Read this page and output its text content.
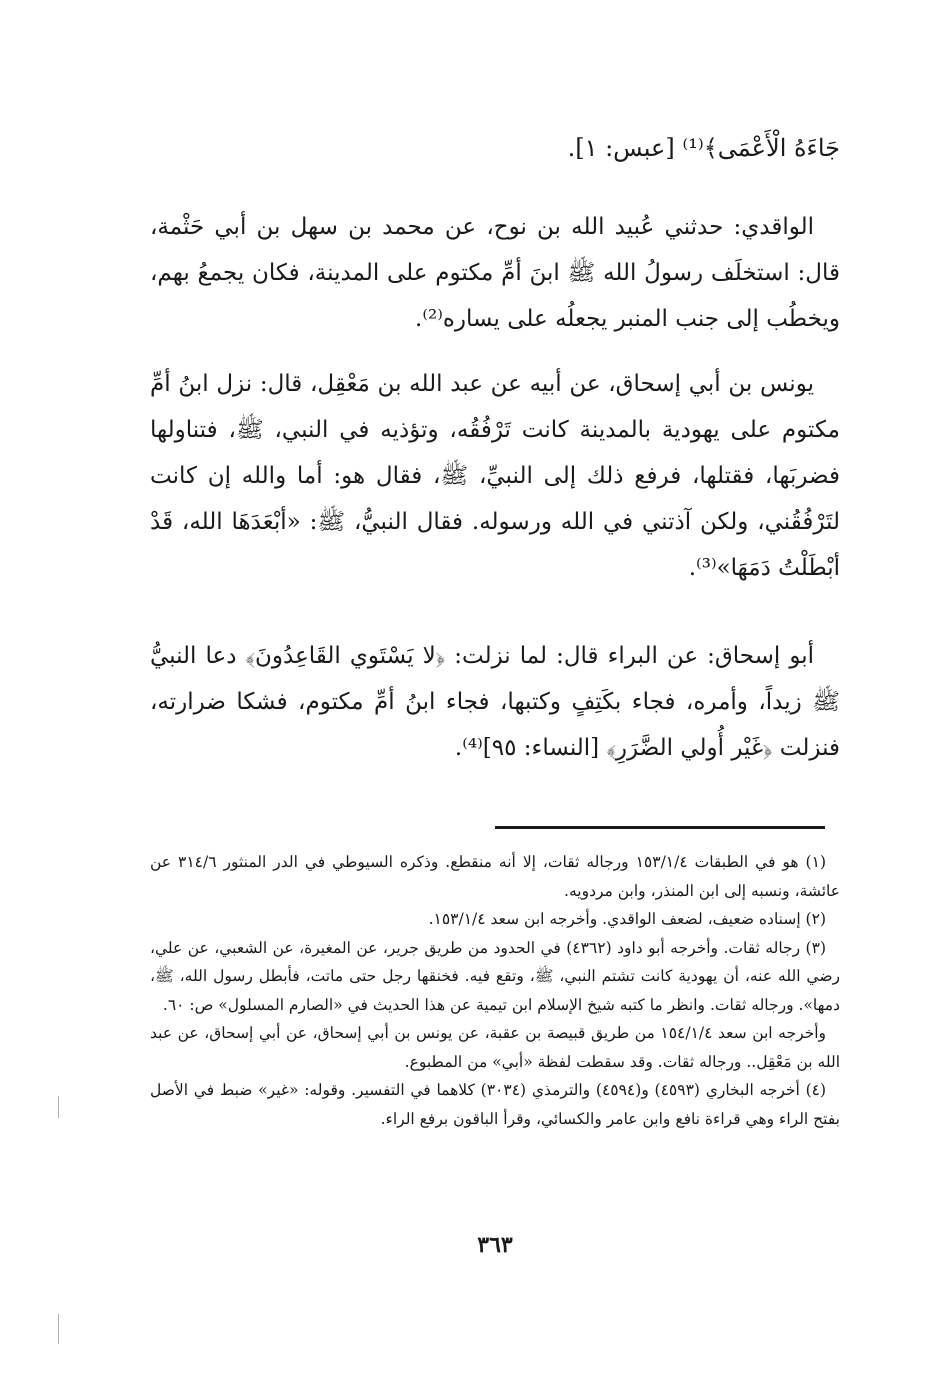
جَاءَهُ الْأَعْمَى﴾⁽¹⁾ [عبس: ١].

الواقدي: حدثني عُبيد الله بن نوح، عن محمد بن سهل بن أبي حَثْمة، قال: استخلَف رسولُ الله ﷺ ابنَ أمِّ مكتوم على المدينة، فكان يجمعُ بهم، ويخطُب إلى جنب المنبر يجعلُه على يساره⁽²⁾.

يونس بن أبي إسحاق، عن أبيه عن عبد الله بن مَعْقِل، قال: نزل ابنُ أمِّ مكتوم على يهودية بالمدينة كانت تَرْفُقُه، وتؤذيه في النبي، ﷺ، فتناولها فضربَها، فقتلها، فرفع ذلك إلى النبيِّ، ﷺ، فقال هو: أما والله إن كانت لتَرْفُقُني، ولكن آذتني في الله ورسوله. فقال النبيُّ، ﷺ: «أبْعَدَهَا الله، قَدْ أبْطَلْتُ دَمَهَا»⁽³⁾.

أبو إسحاق: عن البراء قال: لما نزلت: ﴿لا يَسْتَوي القَاعِدُونَ﴾ دعا النبيُّ ﷺ زيداً، وأمره، فجاء بكَتِفٍ وكتبها، فجاء ابنُ أمِّ مكتوم، فشكا ضرارته، فنزلت ﴿غَيْر أُولي الضَّرَرِ﴾ [النساء: ٩٥]⁽⁴⁾.

(١) هو في الطبقات ١٥٣/١/٤ ورجاله ثقات، إلا أنه منقطع. وذكره السيوطي في الدر المنثور ٣١٤/٦ عن عائشة، ونسبه إلى ابن المنذر، وابن مردويه.

(٢) إسناده ضعيف، لضعف الواقدي. وأخرجه ابن سعد ١٥٣/١/٤.

(٣) رجاله ثقات. وأخرجه أبو داود (٤٣٦٢) في الحدود من طريق جرير، عن المغيرة، عن الشعبي، عن علي، رضي الله عنه، أن يهودية كانت تشتم النبي، ﷺ، وتقع فيه. فخنقها رجل حتى ماتت، فأبطل رسول الله، ﷺ، دمها». ورجاله ثقات. وانظر ما كتبه شيخ الإسلام ابن تيمية عن هذا الحديث في «الصارم المسلول» ص: ٦٠.

وأخرجه ابن سعد ١٥٤/١/٤ من طريق قبيصة بن عقبة، عن يونس بن أبي إسحاق، عن أبي إسحاق، عن عبد الله بن مَعْقِل.. ورجاله ثقات. وقد سقطت لفظة «أبي» من المطبوع.

(٤) أخرجه البخاري (٤٥٩٣) و(٤٥٩٤) والترمذي (٣٠٣٤) كلاهما في التفسير. وقوله: «غير» ضبط في الأصل بفتح الراء وهي قراءة نافع وابن عامر والكسائي، وقرأ الباقون برفع الراء.

٣٦٣
